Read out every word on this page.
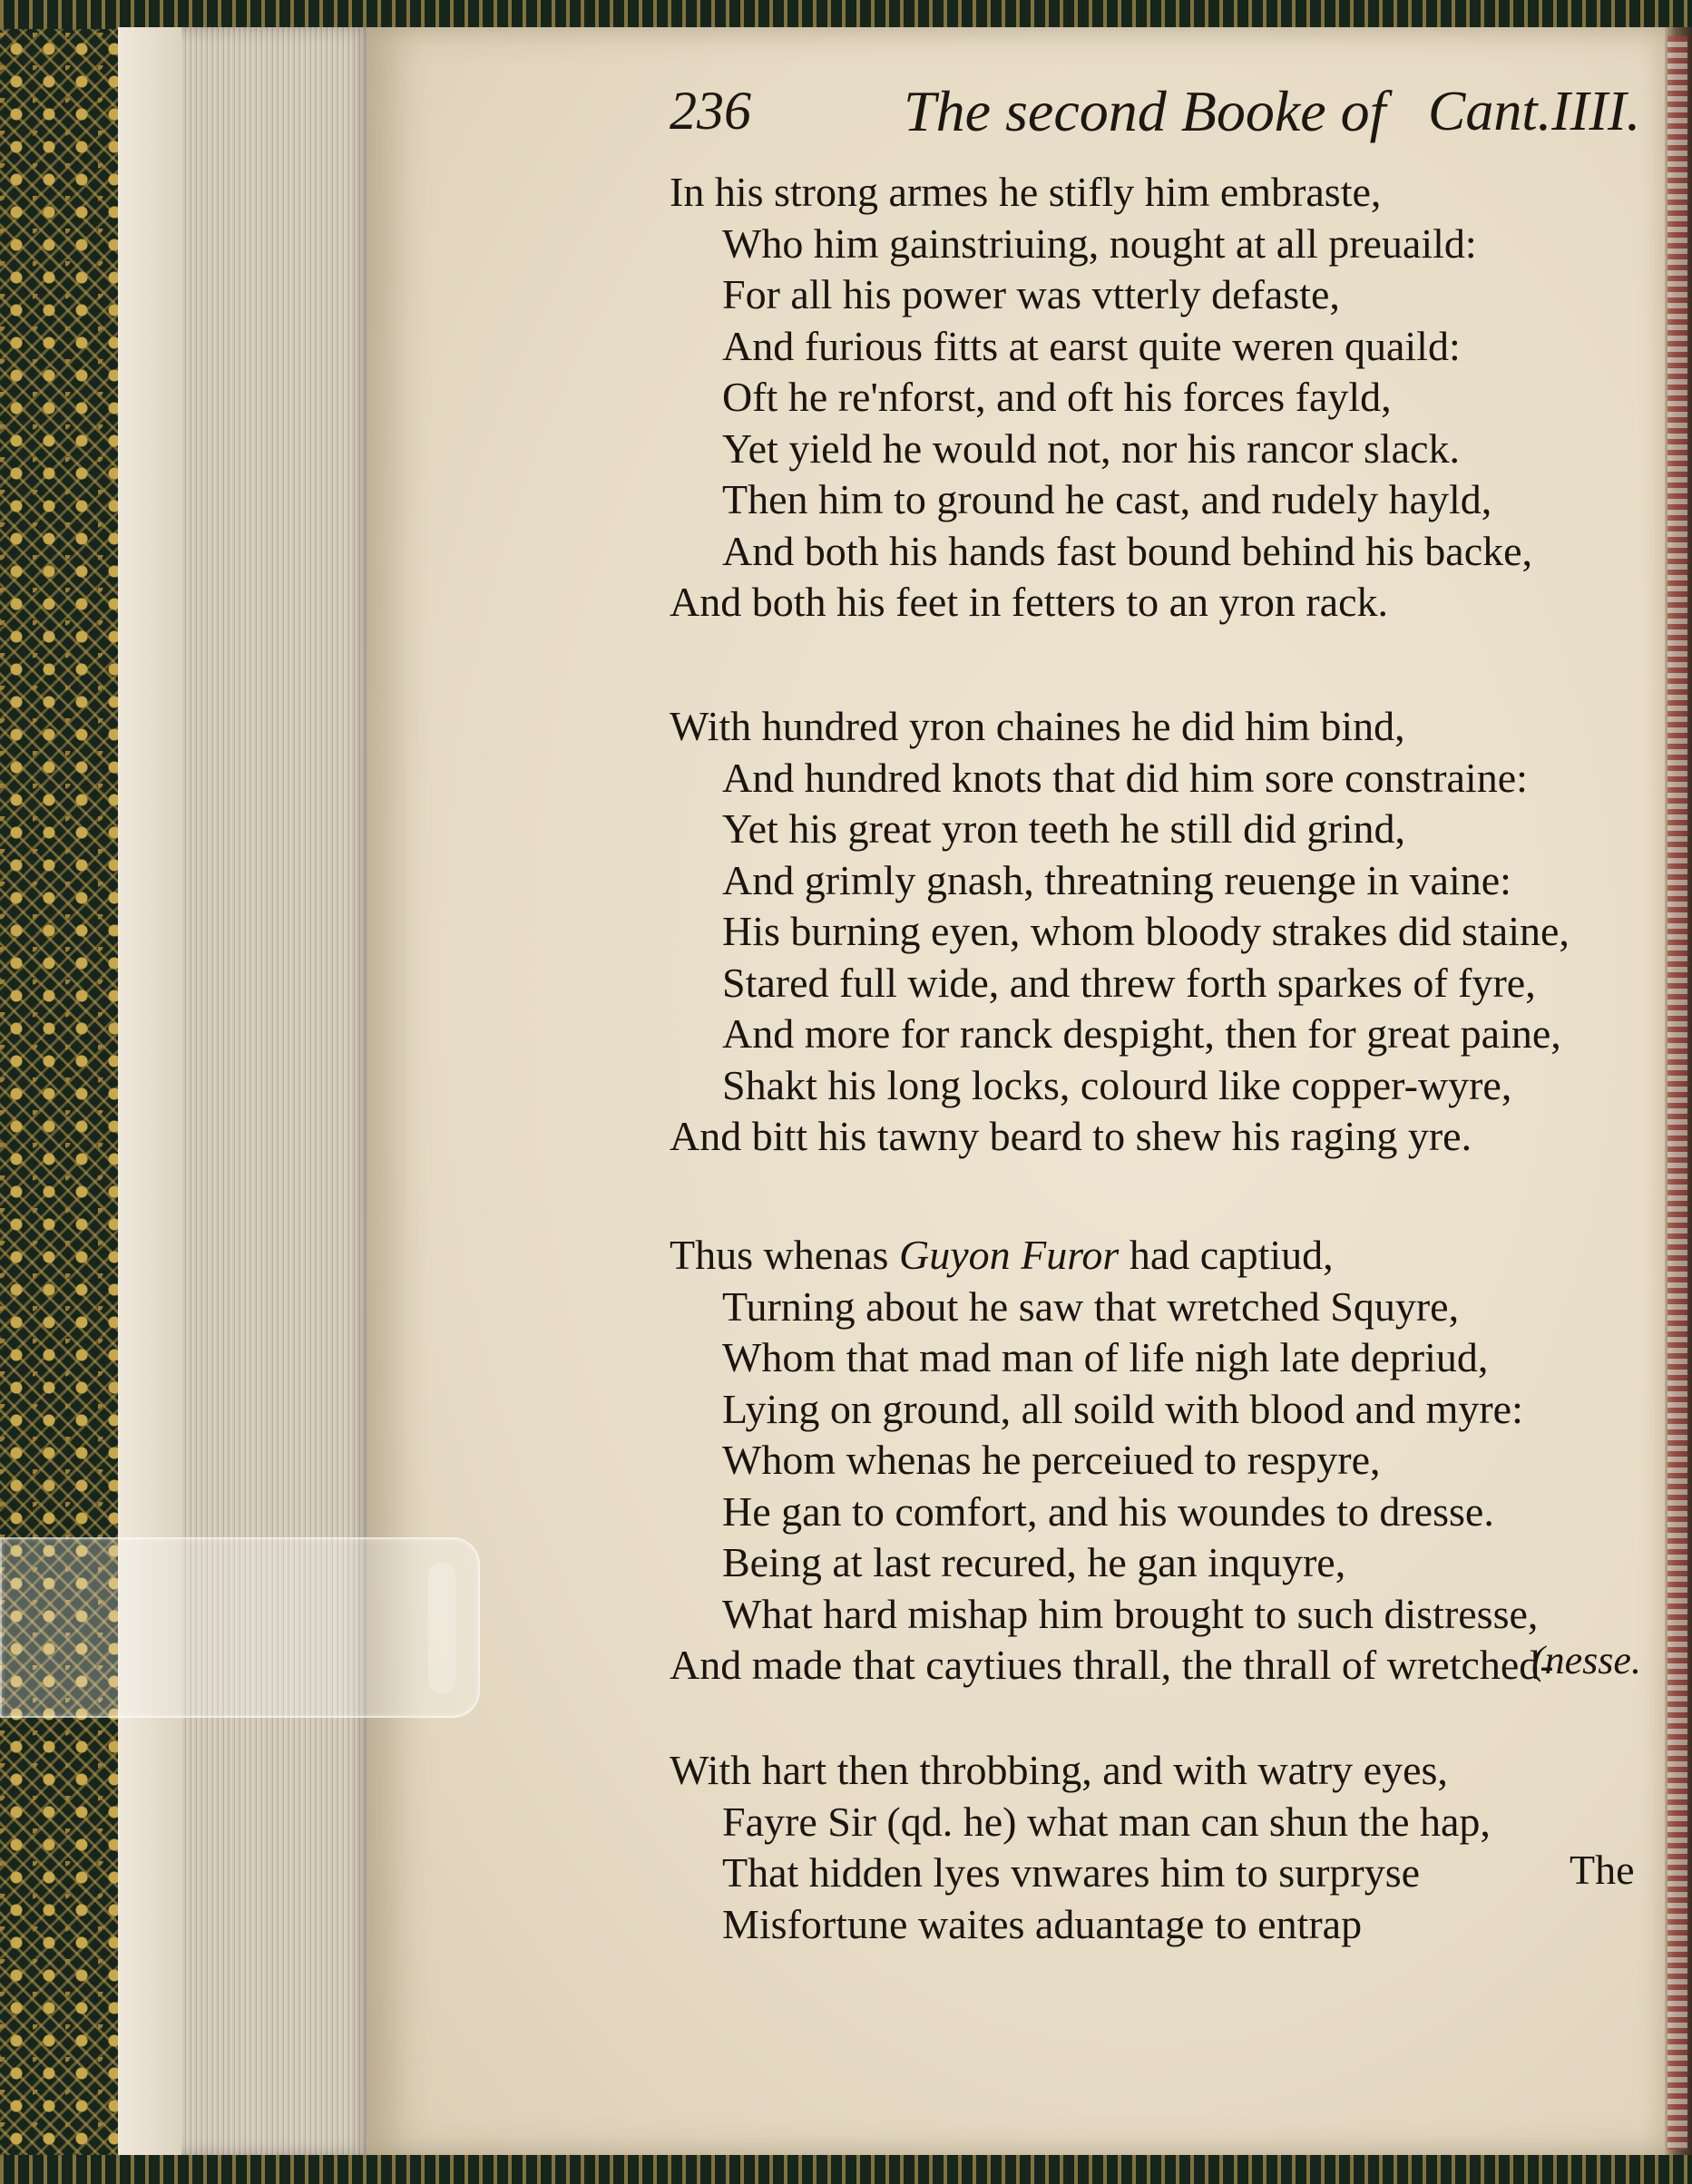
236	The second Booke of Cant.IIII.
In his strong armes he stifly him embraste,
Who him gainstriuing, nought at all preuaild:
For all his power was vtterly defaste,
And furious fitts at earst quite weren quaild:
Oft he re'nforst, and oft his forces fayld,
Yet yield he would not, nor his rancor slack.
Then him to ground he cast, and rudely hayld,
And both his hands fast bound behind his backe,
And both his feet in fetters to an yron rack.
With hundred yron chaines he did him bind,
And hundred knots that did him sore constraine:
Yet his great yron teeth he still did grind,
And grimly gnash, threatning reuenge in vaine:
His burning eyen, whom bloody strakes did staine,
Stared full wide, and threw forth sparkes of fyre,
And more for ranck despight, then for great paine,
Shakt his long locks, colourd like copper-wyre,
And bitt his tawny beard to shew his raging yre.
Thus whenas Guyon Furor had captiud,
Turning about he saw that wretched Squyre,
Whom that mad man of life nigh late depriud,
Lying on ground, all soild with blood and myre:
Whom whenas he perceiued to respyre,
He gan to comfort, and his woundes to dresse.
Being at last recured, he gan inquyre,
What hard mishap him brought to such distresse,
And made that caytiues thrall, the thrall of wretched-
With hart then throbbing, and with watry eyes,
Fayre Sir (qd. he) what man can shun the hap,
That hidden lyes vnwares him to surpryse
Misfortune waites aduantage to entrap
(nesse.
The
